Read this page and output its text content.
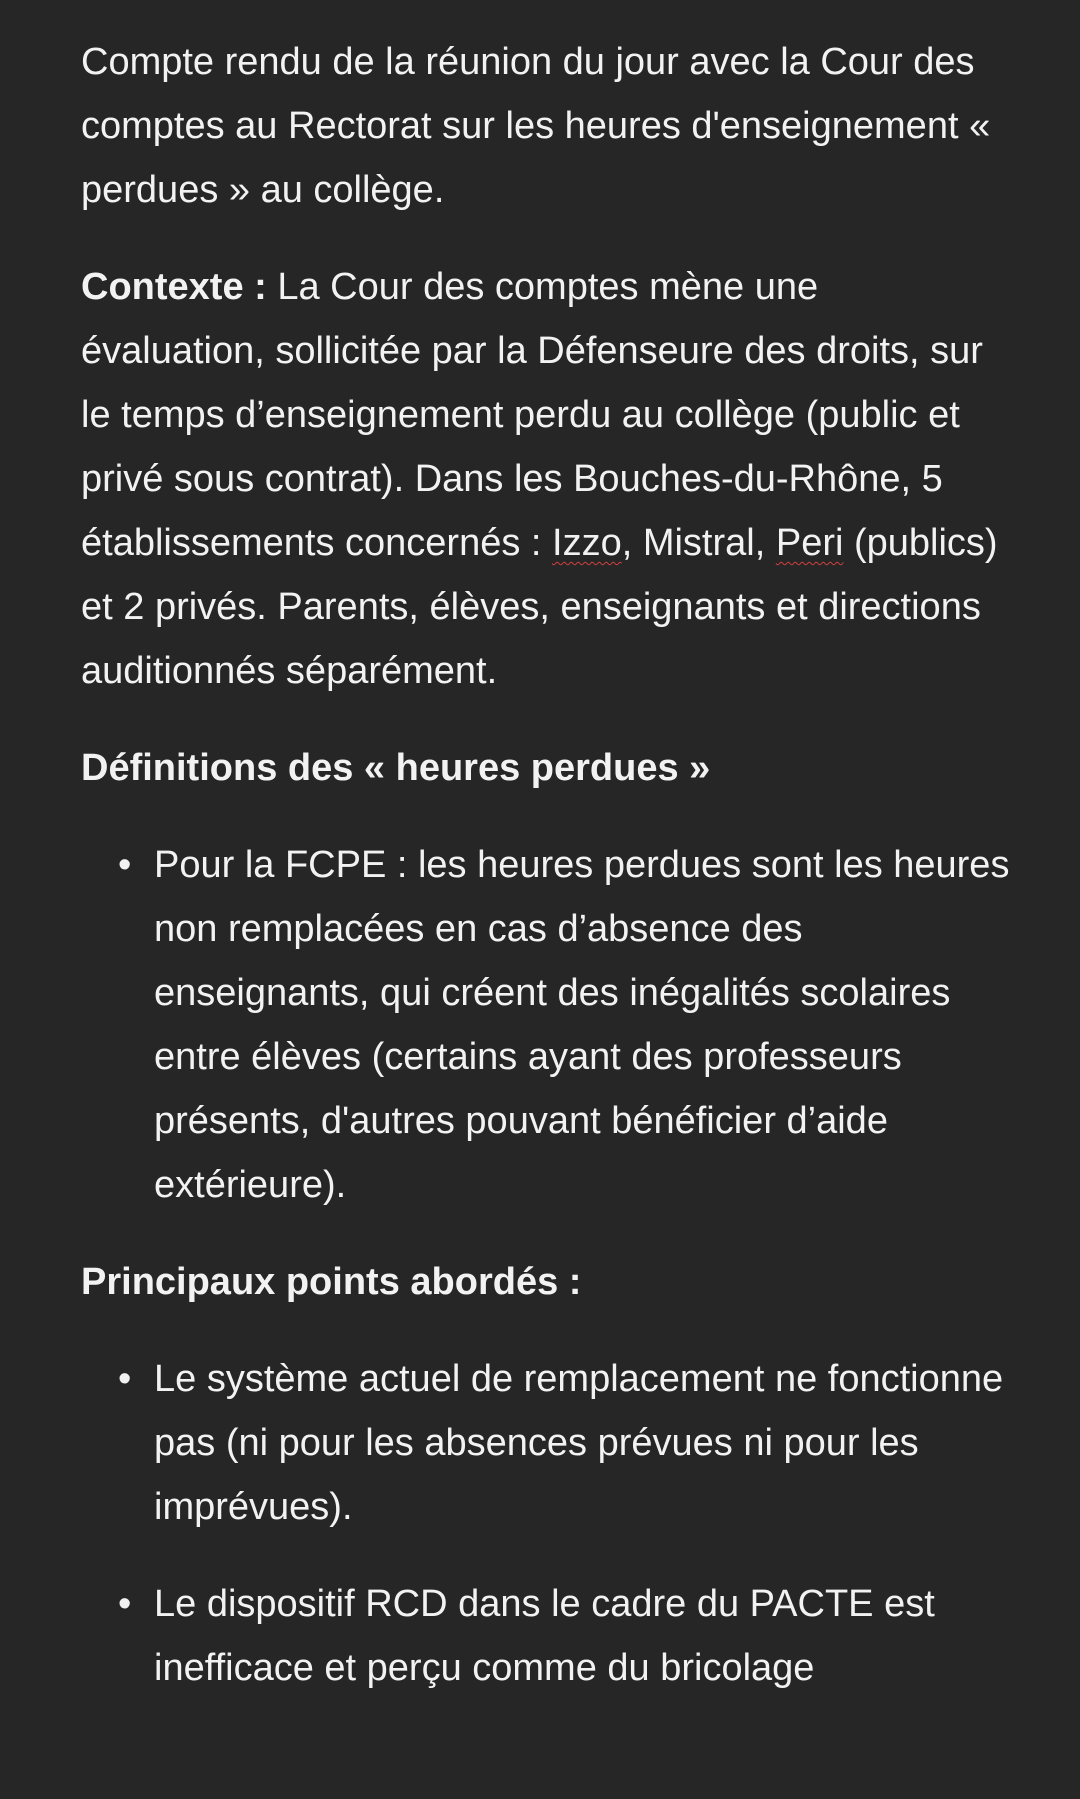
Compte rendu de la réunion du jour avec la Cour des comptes au Rectorat sur les heures d'enseignement « perdues » au collège.

Contexte : La Cour des comptes mène une évaluation, sollicitée par la Défenseure des droits, sur le temps d’enseignement perdu au collège (public et privé sous contrat). Dans les Bouches-du-Rhône, 5 établissements concernés : Izzo, Mistral, Peri (publics) et 2 privés. Parents, élèves, enseignants et directions auditionnés séparément.

Définitions des « heures perdues »

• Pour la FCPE : les heures perdues sont les heures non remplacées en cas d’absence des enseignants, qui créent des inégalités scolaires entre élèves (certains ayant des professeurs présents, d'autres pouvant bénéficier d’aide extérieure).

Principaux points abordés :

• Le système actuel de remplacement ne fonctionne pas (ni pour les absences prévues ni pour les imprévues).
• Le dispositif RCD dans le cadre du PACTE est inefficace et perçu comme du bricolage
